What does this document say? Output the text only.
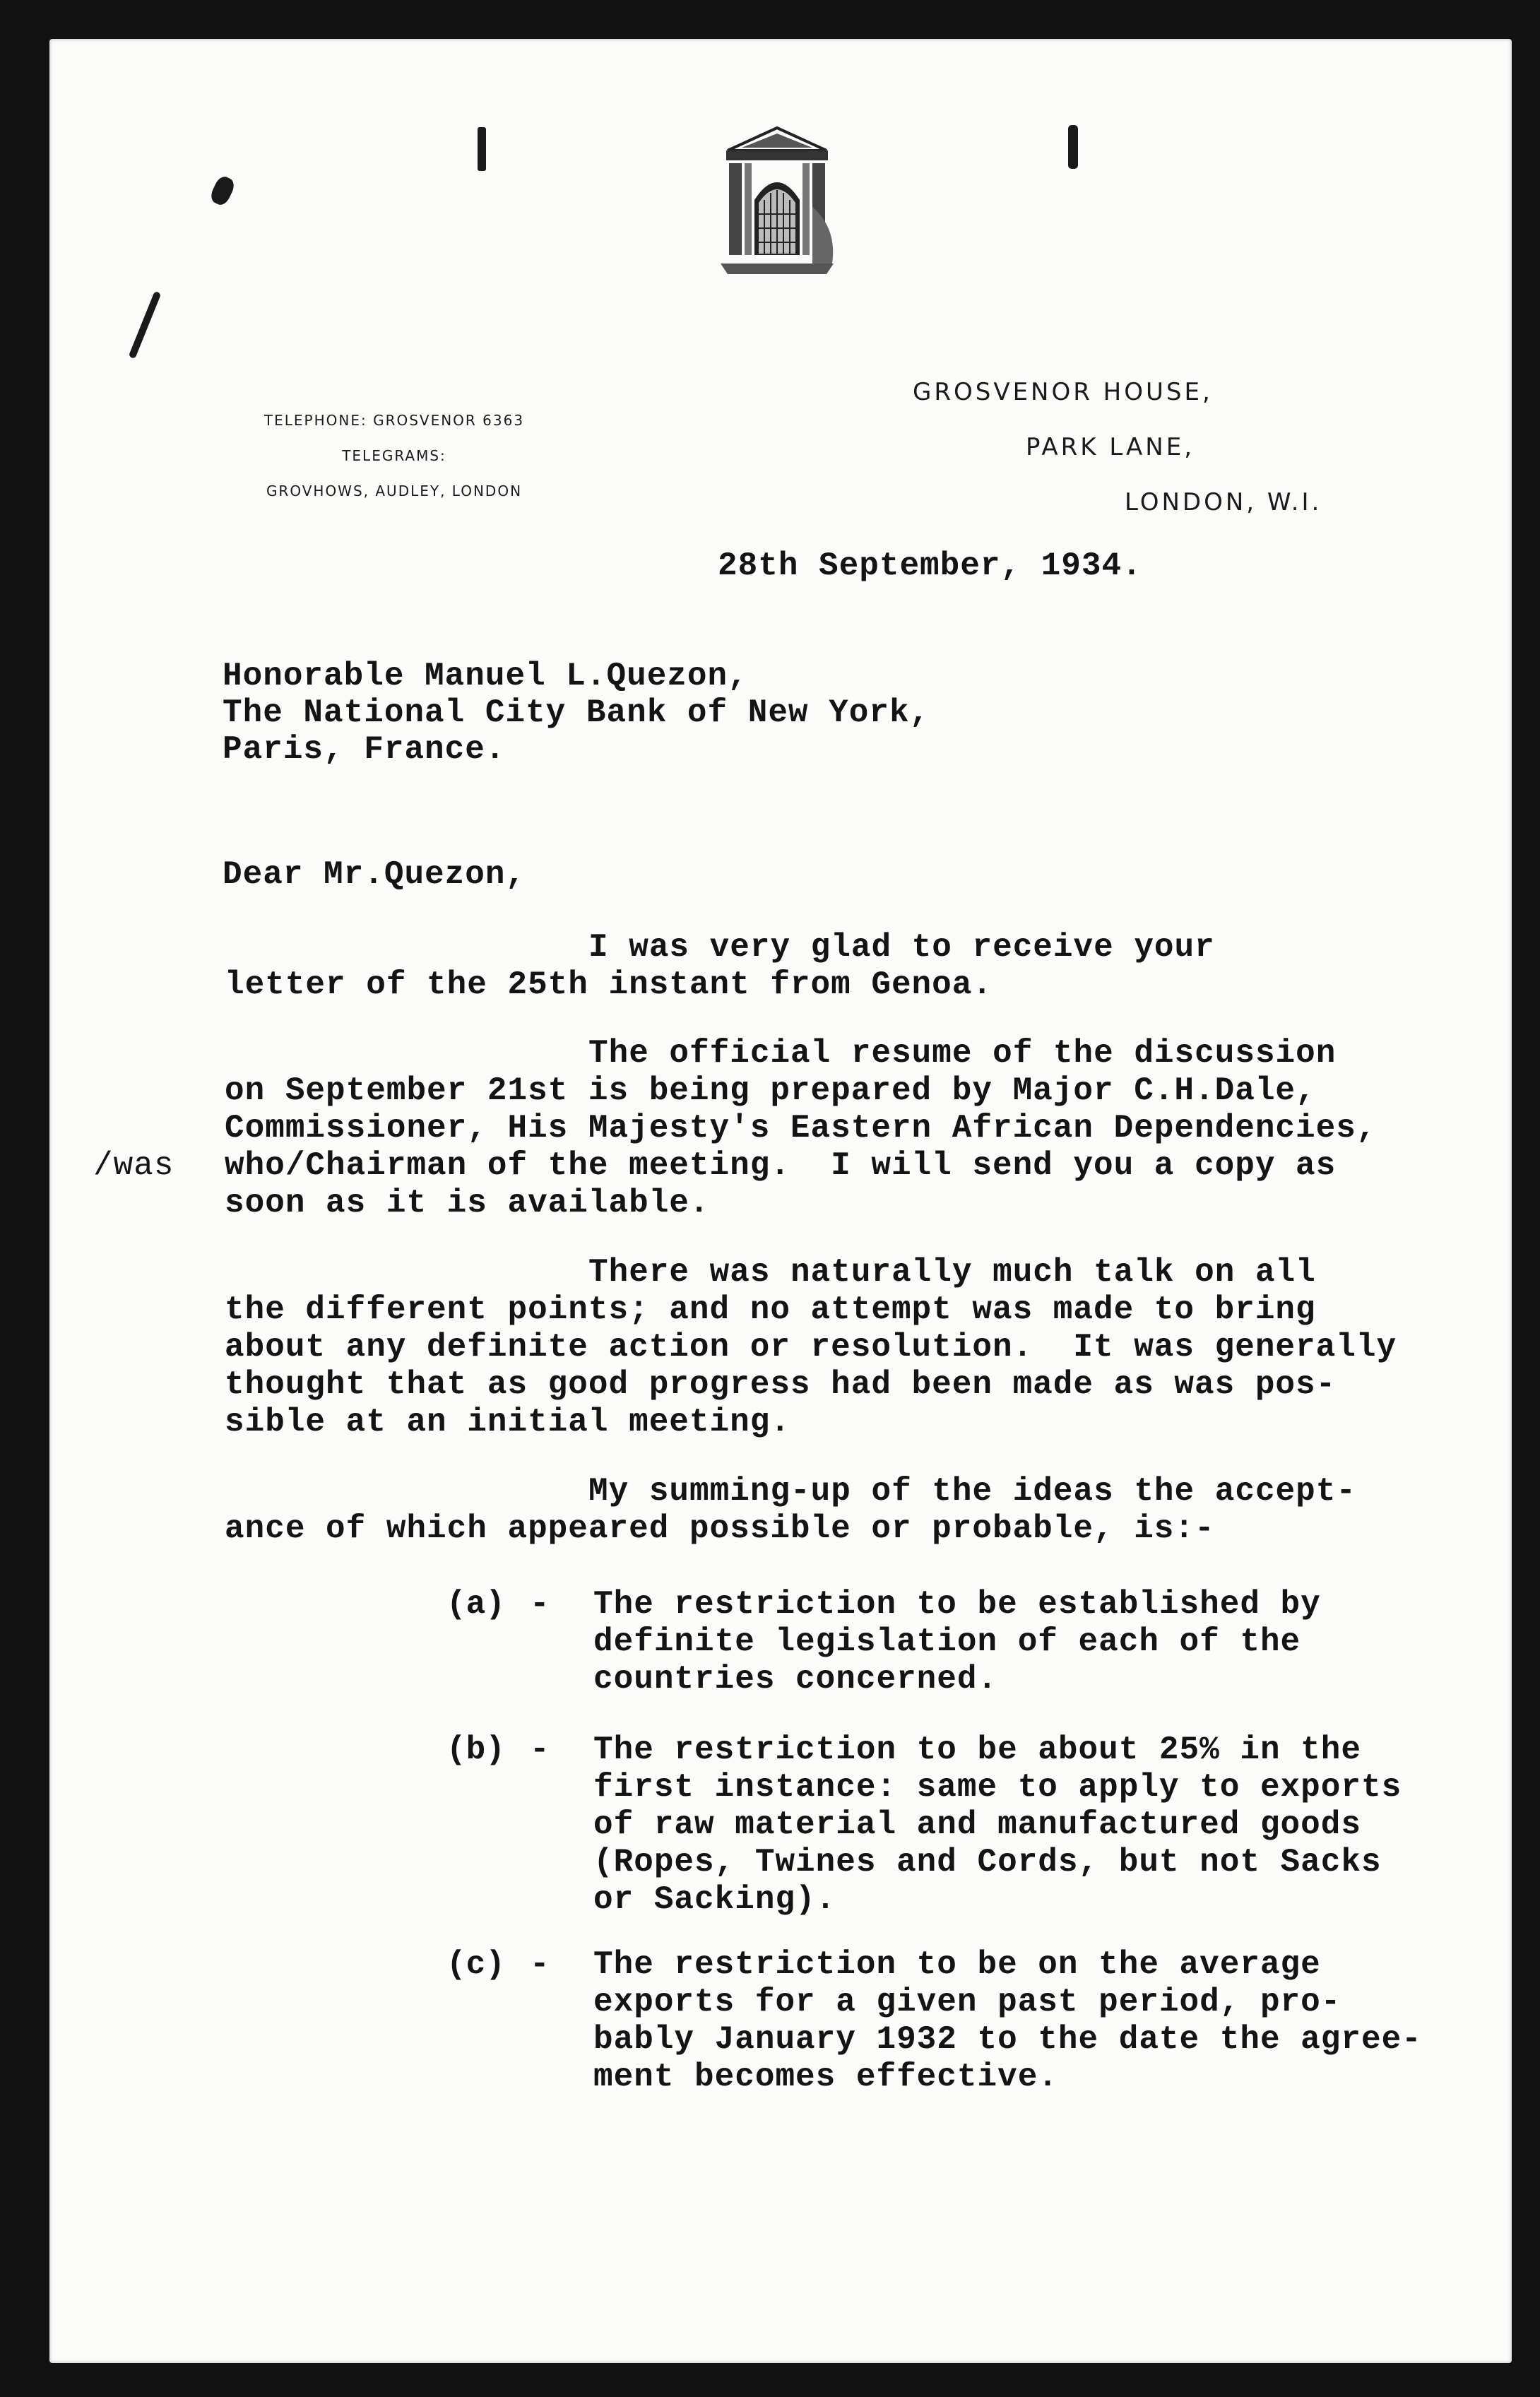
TELEPHONE: GROSVENOR 6363
TELEGRAMS:
GROVHOWS, AUDLEY, LONDON
GROSVENOR HOUSE,
PARK LANE,
LONDON, W.I.
28th September, 1934.
Honorable Manuel L.Quezon,
The National City Bank of New York,
Paris, France.
Dear Mr.Quezon,
I was very glad to receive your
letter of the 25th instant from Genoa.
The official resume of the discussion
on September 21st is being prepared by Major C.H.Dale,
Commissioner, His Majesty's Eastern African Dependencies,
who/Chairman of the meeting.  I will send you a copy as
soon as it is available.
/was
There was naturally much talk on all
the different points; and no attempt was made to bring
about any definite action or resolution.  It was generally
thought that as good progress had been made as was pos-
sible at an initial meeting.
My summing-up of the ideas the accept-
ance of which appeared possible or probable, is:-
(a) - The restriction to be established by
definite legislation of each of the
countries concerned.
(b) - The restriction to be about 25% in the
first instance: same to apply to exports
of raw material and manufactured goods
(Ropes, Twines and Cords, but not Sacks
or Sacking).
(c) - The restriction to be on the average
exports for a given past period, pro-
bably January 1932 to the date the agree-
ment becomes effective.
